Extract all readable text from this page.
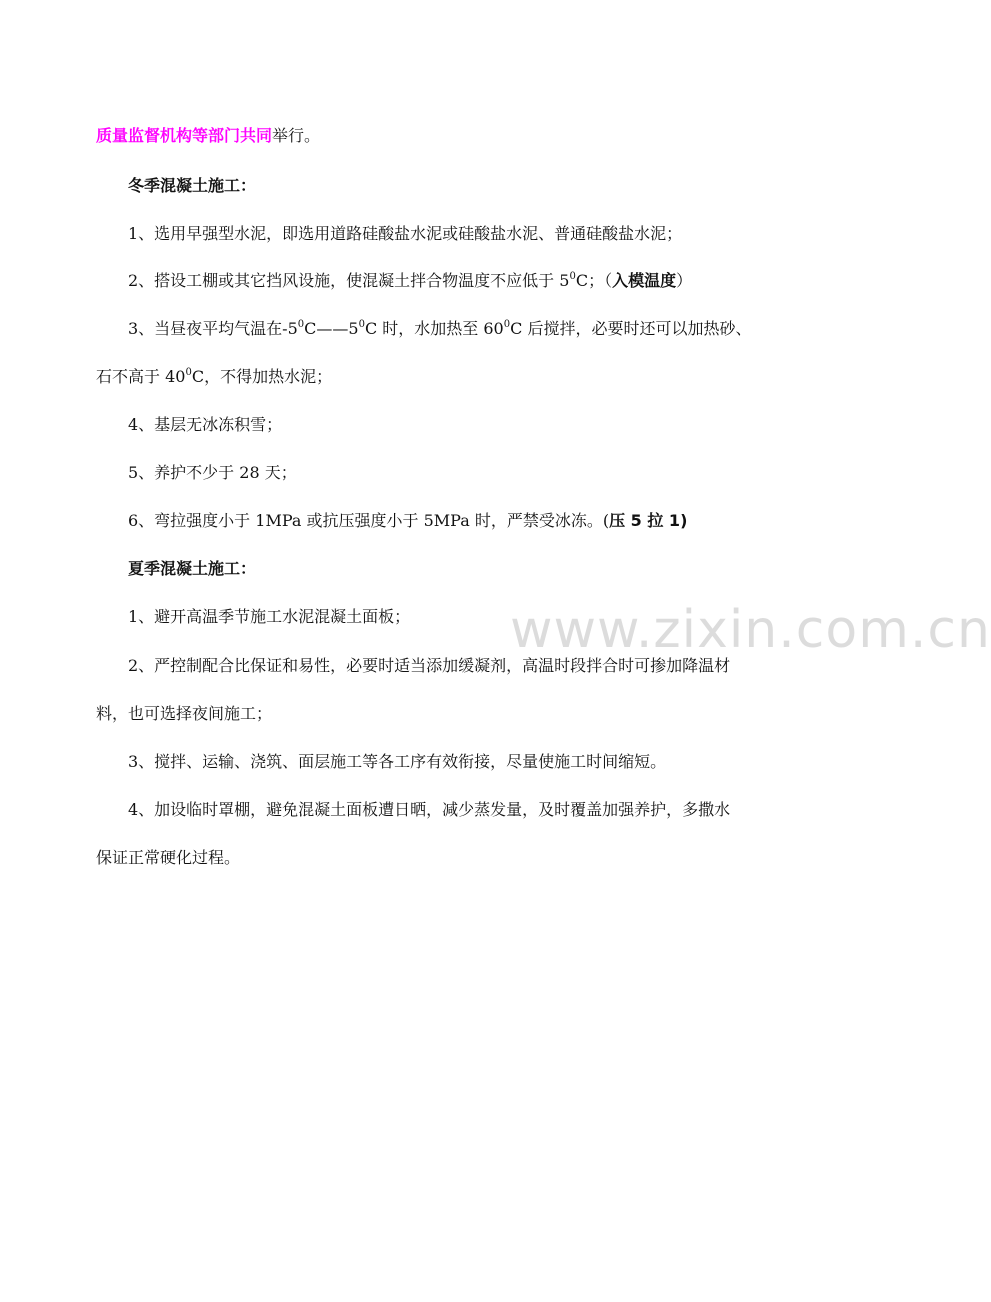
质量监督机构等部门共同举行。
冬季混凝土施工：
1、选用早强型水泥，即选用道路硅酸盐水泥或硅酸盐水泥、普通硅酸盐水泥；
2、搭设工棚或其它挡风设施，使混凝土拌合物温度不应低于 $5^0C$；（入模温度）
3、当昼夜平均气温在$-5^0C——5^0C$ 时，水加热至 $60^0C$ 后搅拌，必要时还可以加热砂、
石不高于 $40^0C$，不得加热水泥；
4、基层无冰冻积雪；
5、养护不少于 28 天；
6、弯拉强度小于 1MPa 或抗压强度小于 5MPa 时，严禁受冰冻。(压 5 拉 1)
夏季混凝土施工：
1、避开高温季节施工水泥混凝土面板；
2、严控制配合比保证和易性，必要时适当添加缓凝剂，高温时段拌合时可掺加降温材
料，也可选择夜间施工；
3、搅拌、运输、浇筑、面层施工等各工序有效衔接，尽量使施工时间缩短。
4、加设临时罩棚，避免混凝土面板遭日晒，减少蒸发量，及时覆盖加强养护，多撒水
保证正常硬化过程。
www.zixin.com.cn
